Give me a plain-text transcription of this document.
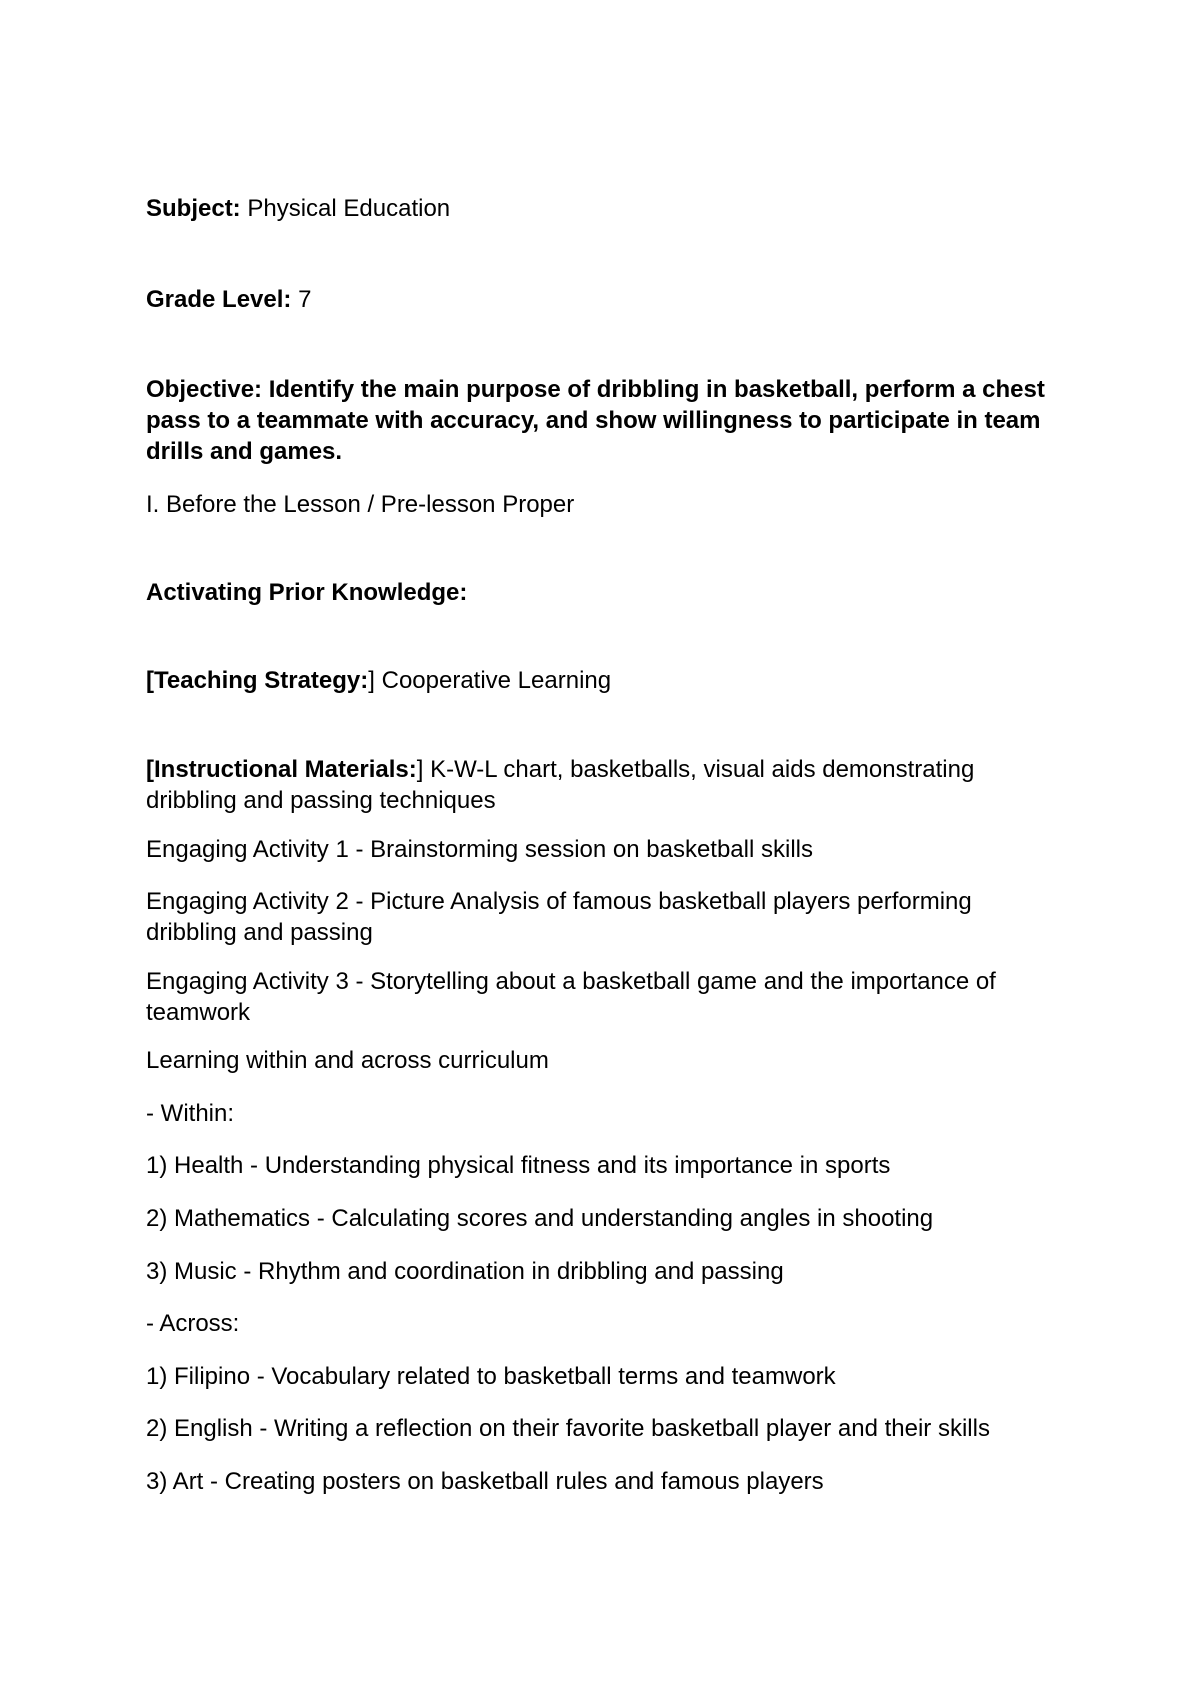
Subject: Physical Education
Grade Level: 7
Objective: Identify the main purpose of dribbling in basketball, perform a chest pass to a teammate with accuracy, and show willingness to participate in team drills and games.
I. Before the Lesson / Pre-lesson Proper
Activating Prior Knowledge:
[Teaching Strategy:] Cooperative Learning
[Instructional Materials:] K-W-L chart, basketballs, visual aids demonstrating dribbling and passing techniques
Engaging Activity 1 - Brainstorming session on basketball skills
Engaging Activity 2 - Picture Analysis of famous basketball players performing dribbling and passing
Engaging Activity 3 - Storytelling about a basketball game and the importance of teamwork
Learning within and across curriculum
- Within:
1) Health - Understanding physical fitness and its importance in sports
2) Mathematics - Calculating scores and understanding angles in shooting
3) Music - Rhythm and coordination in dribbling and passing
- Across:
1) Filipino - Vocabulary related to basketball terms and teamwork
2) English - Writing a reflection on their favorite basketball player and their skills
3) Art - Creating posters on basketball rules and famous players
